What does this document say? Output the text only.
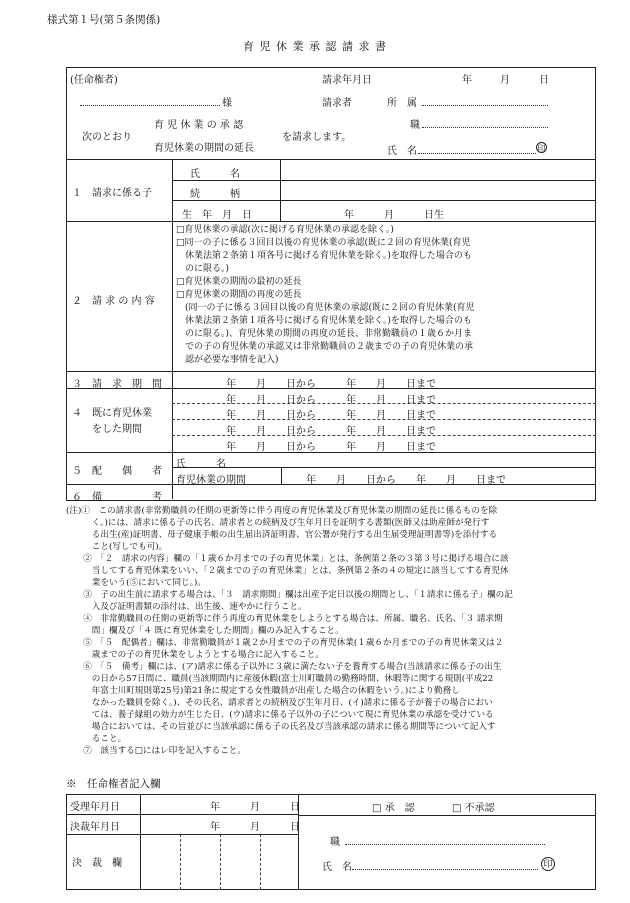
様式第１号(第５条関係)
育 児 休 業 承 認 請 求 書
(任命権者)	請求年月日	年	月	日
様	請求者	所　属
次のとおり
育 児 休 業 の 承 認
育児休業の期間の延長
を請求します。
職
氏　名	印
１　請求に係る子
氏　　　名
続　　　柄
生　年　月　日	年　　　月　　　日生
２　請 求 の 内 容
□育児休業の承認(次に掲げる育児休業の承認を除く。)
□同一の子に係る３回目以後の育児休業の承認(既に２回の育児休業(育児
　休業法第２条第１項各号に掲げる育児休業を除く。)を取得した場合のも
　のに限る。)
□育児休業の期間の最初の延長
□育児休業の期間の再度の延長
　(同一の子に係る３回目以後の育児休業の承認(既に２回の育児休業(育児
　休業法第２条第１項各号に掲げる育児休業を除く。)を取得した場合のも
　のに限る。)、育児休業の期間の再度の延長、非常勤職員の１歳６か月ま
　での子の育児休業の承認又は非常勤職員の２歳までの子の育児休業の承
　認が必要な事情を記入)
３　請　求　期　間	年　　月　　日から　　　年　　月　　日まで
４　既に育児休業
　　をした期間
年　　月　　日から　　　年　　月　　日まで
年　　月　　日から　　　年　　月　　日まで
年　　月　　日から　　　年　　月　　日まで
年　　月　　日から　　　年　　月　　日まで
５　配　　偶　　者
氏　　　名
育児休業の期間	年　　月　　日から　　年　　月　　日まで
６　備　　　　　考
(注)①　この請求書(非常勤職員の任期の更新等に伴う再度の育児休業及び育児休業の期間の延長に係るものを除
　　　く。)には、請求に係る子の氏名、請求者との続柄及び生年月日を証明する書類(医師又は助産師が発行す
　　　る出生(産)証明書、母子健康手帳の出生届出済証明書、官公署が発行する出生届受理証明書等)を添付する
　　　こと(写しでも可)。
　　②　「２　請求の内容」欄の「１歳６か月までの子の育児休業」とは、条例第２条の３第３号に掲げる場合に該
　　　当してする育児休業をいい、「２歳までの子の育児休業」とは、条例第２条の４の規定に該当してする育児休
　　　業をいう(⑤において同じ。)。
　　③　子の出生前に請求する場合は、「３　請求期間」欄は出産予定日以後の期間とし、「１請求に係る子」欄の記
　　　入及び証明書類の添付は、出生後、速やかに行うこと。
　　④　非常勤職員の任期の更新等に伴う再度の育児休業をしようとする場合は、所属、職名、氏名、「３ 請求期
　　　間」欄及び「４ 既に育児休業をした期間」欄のみ記入すること。
　　⑤　「５　配偶者」欄は、非常勤職員が１歳２か月までの子の育児休業(１歳６か月までの子の育児休業又は２
　　　歳までの子の育児休業をしようとする場合に記入すること。
　　⑥　「５　備考」欄には、(ア)請求に係る子以外に３歳に満たない子を養育する場合(当該請求に係る子の出生
　　　の日から57日間に、職員(当該期間内に産後休暇(富士川町職員の勤務時間、休暇等に関する規則(平成22
　　　年富士川町規則第25号)第21条に規定する女性職員が出産した場合の休暇をいう。)により勤務し
　　　なかった職員を除く。)、その氏名、請求者との続柄及び生年月日、(イ)請求に係る子が養子の場合におい
　　　ては、養子縁組の効力が生じた日、(ウ)請求に係る子以外の子について現に育児休業の承認を受けている
　　　場合においては、その旨並びに当該承認に係る子の氏名及び当該承認の請求に係る期間等について記入す
　　　ること。
　　⑦　該当する□にはレ印を記入すること。
※　任命権者記入欄
受理年月日	年　　　月　　　日
決裁年月日	年　　　月　　　日
決　裁　欄
□ 承　認	□ 不承認
職
氏　名	印
